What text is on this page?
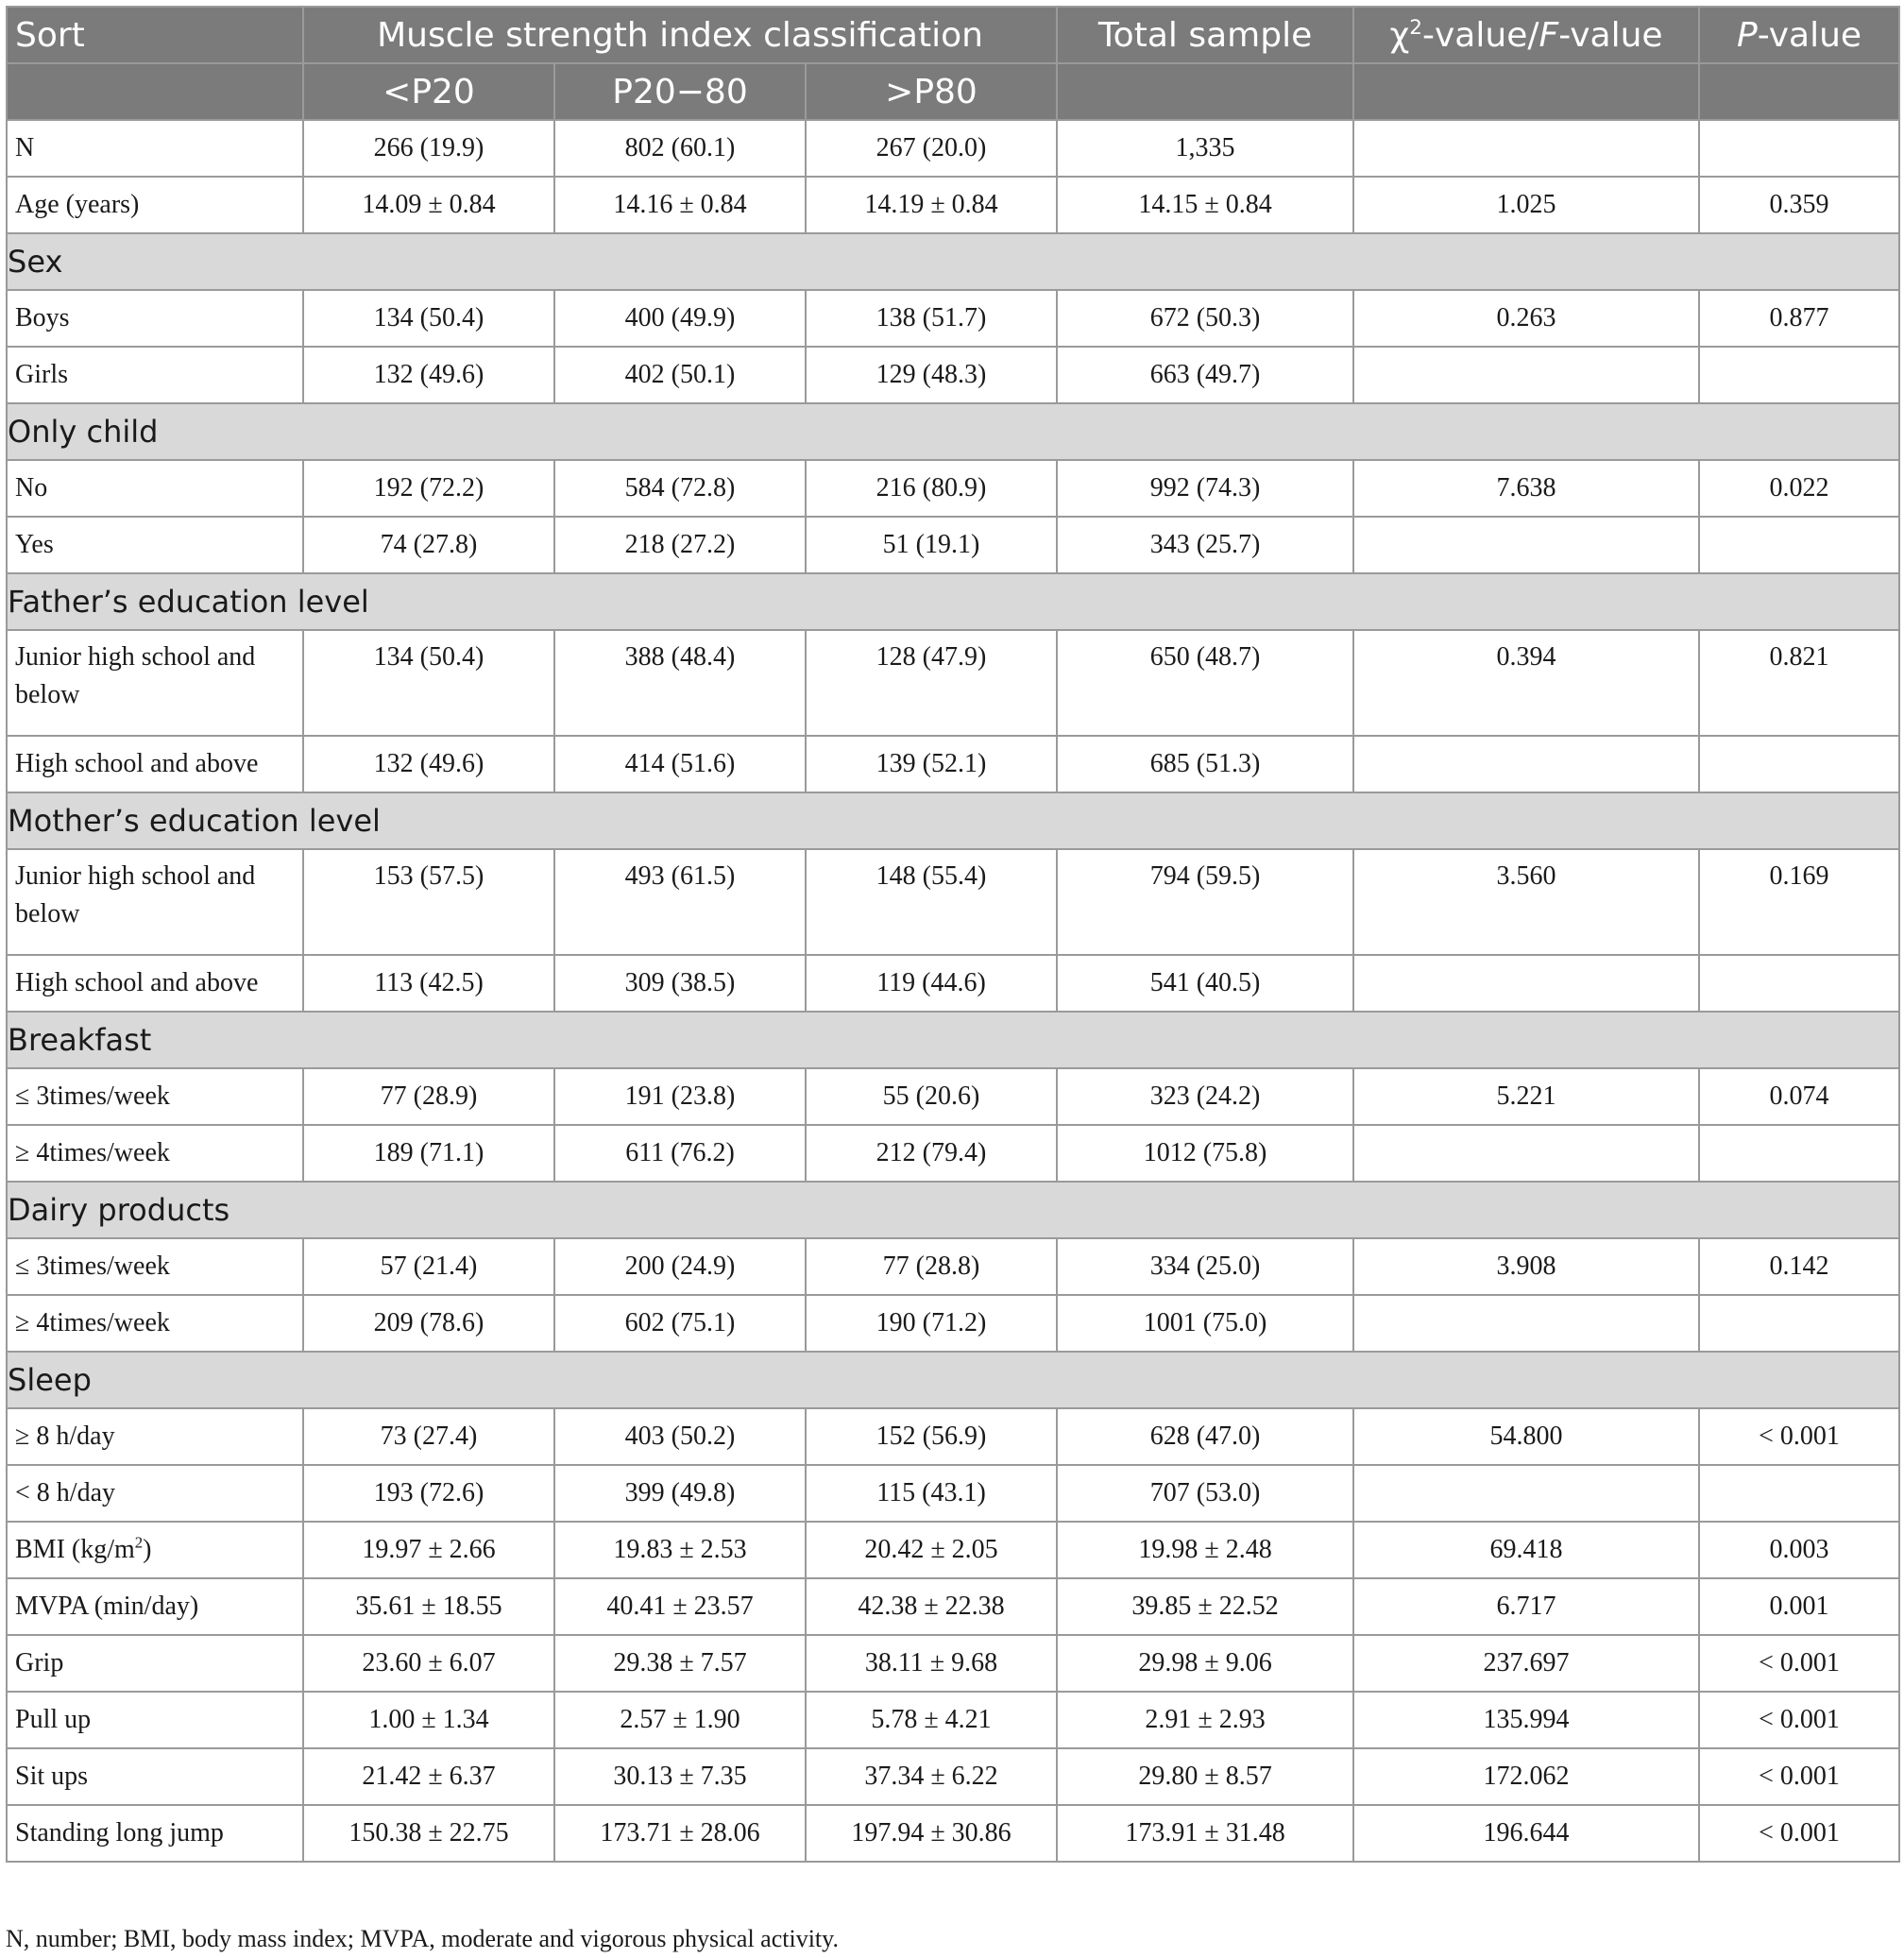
Sort	Muscle strength index classification			Total sample	$\chi^2-value/F$-value	P-value
	<P20	P20−80	>P80			
N	266 (19.9)	802 (60.1)	267 (20.0)	1,335		
Age (years)	14.09 ± 0.84	14.16 ± 0.84	14.19 ± 0.84	14.15 ± 0.84	1.025	0.359
Sex						
Boys	134 (50.4)	400 (49.9)	138 (51.7)	672 (50.3)	0.263	0.877
Girls	132 (49.6)	402 (50.1)	129 (48.3)	663 (49.7)		
Only child						
No	192 (72.2)	584 (72.8)	216 (80.9)	992 (74.3)	7.638	0.022
Yes	74 (27.8)	218 (27.2)	51 (19.1)	343 (25.7)		
Father’s education level						
Junior high school and
below	134 (50.4)	388 (48.4)	128 (47.9)	650 (48.7)	0.394	0.821
High school and above	132 (49.6)	414 (51.6)	139 (52.1)	685 (51.3)		
Mother’s education level						
Junior high school and
below	153 (57.5)	493 (61.5)	148 (55.4)	794 (59.5)	3.560	0.169
High school and above	113 (42.5)	309 (38.5)	119 (44.6)	541 (40.5)		
Breakfast						
≤ 3times/week	77 (28.9)	191 (23.8)	55 (20.6)	323 (24.2)	5.221	0.074
≥ 4times/week	189 (71.1)	611 (76.2)	212 (79.4)	1012 (75.8)		
Dairy products						
≤ 3times/week	57 (21.4)	200 (24.9)	77 (28.8)	334 (25.0)	3.908	0.142
≥ 4times/week	209 (78.6)	602 (75.1)	190 (71.2)	1001 (75.0)		
Sleep						
≥ 8 h/day	73 (27.4)	403 (50.2)	152 (56.9)	628 (47.0)	54.800	< 0.001
< 8 h/day	193 (72.6)	399 (49.8)	115 (43.1)	707 (53.0)		
BMI $(kg/m^2)$	19.97 ± 2.66	19.83 ± 2.53	20.42 ± 2.05	19.98 ± 2.48	69.418	0.003
MVPA (min/day)	35.61 ± 18.55	40.41 ± 23.57	42.38 ± 22.38	39.85 ± 22.52	6.717	0.001
Grip	23.60 ± 6.07	29.38 ± 7.57	38.11 ± 9.68	29.98 ± 9.06	237.697	< 0.001
Pull up	1.00 ± 1.34	2.57 ± 1.90	5.78 ± 4.21	2.91 ± 2.93	135.994	< 0.001
Sit ups	21.42 ± 6.37	30.13 ± 7.35	37.34 ± 6.22	29.80 ± 8.57	172.062	< 0.001
Standing long jump	150.38 ± 22.75	173.71 ± 28.06	197.94 ± 30.86	173.91 ± 31.48	196.644	< 0.001
N, number; BMI, body mass index; MVPA, moderate and vigorous physical activity.
